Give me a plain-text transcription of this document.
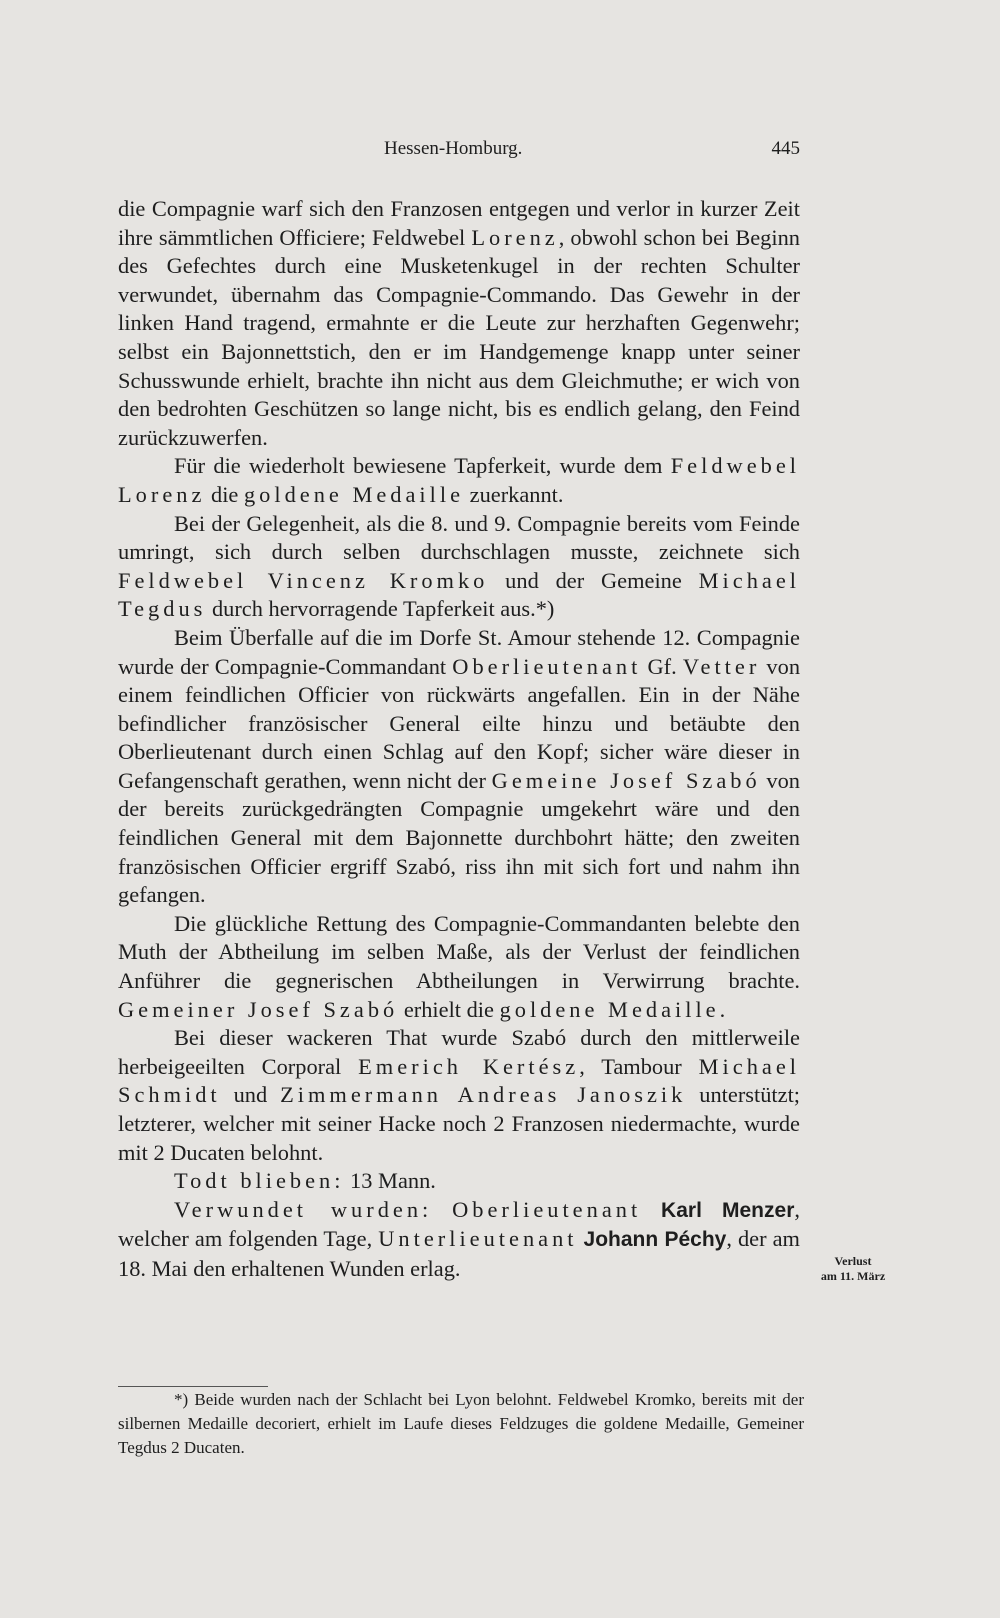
Hessen-Homburg.	445

die Compagnie warf sich den Franzosen entgegen und verlor in kurzer Zeit ihre sämmtlichen Officiere; Feldwebel Lorenz, obwohl schon bei Beginn des Gefechtes durch eine Musketenkugel in der rechten Schulter verwundet, übernahm das Compagnie-Commando. Das Gewehr in der linken Hand tragend, ermahnte er die Leute zur herzhaften Gegenwehr; selbst ein Bajonnettstich, den er im Handgemenge knapp unter seiner Schusswunde erhielt, brachte ihn nicht aus dem Gleichmuthe; er wich von den bedrohten Geschützen so lange nicht, bis es endlich gelang, den Feind zurückzuwerfen.

Für die wiederholt bewiesene Tapferkeit, wurde dem Feldwebel Lorenz die goldene Medaille zuerkannt.

Bei der Gelegenheit, als die 8. und 9. Compagnie bereits vom Feinde umringt, sich durch selben durchschlagen musste, zeichnete sich Feldwebel Vincenz Kromko und der Gemeine Michael Tegdus durch hervorragende Tapferkeit aus.*)

Beim Überfalle auf die im Dorfe St. Amour stehende 12. Compagnie wurde der Compagnie-Commandant Oberlieutenant Gf. Vetter von einem feindlichen Officier von rückwärts angefallen. Ein in der Nähe befindlicher französischer General eilte hinzu und betäubte den Oberlieutenant durch einen Schlag auf den Kopf; sicher wäre dieser in Gefangenschaft gerathen, wenn nicht der Gemeine Josef Szabó von der bereits zurückgedrängten Compagnie umgekehrt wäre und den feindlichen General mit dem Bajonnette durchbohrt hätte; den zweiten französischen Officier ergriff Szabó, riss ihn mit sich fort und nahm ihn gefangen.

Die glückliche Rettung des Compagnie-Commandanten belebte den Muth der Abtheilung im selben Maße, als der Verlust der feindlichen Anführer die gegnerischen Abtheilungen in Verwirrung brachte. Gemeiner Josef Szabó erhielt die goldene Medaille.

Bei dieser wackeren That wurde Szabó durch den mittlerweile herbeigeeilten Corporal Emerich Kertész, Tambour Michael Schmidt und Zimmermann Andreas Janoszik unterstützt; letzterer, welcher mit seiner Hacke noch 2 Franzosen niedermachte, wurde mit 2 Ducaten belohnt.

Todt blieben: 13 Mann.

Verwundet wurden: Oberlieutenant Karl Menzer, welcher am folgenden Tage, Unterlieutenant Johann Péchy, der am 18. Mai den erhaltenen Wunden erlag.

*) Beide wurden nach der Schlacht bei Lyon belohnt. Feldwebel Kromko, bereits mit der silbernen Medaille decoriert, erhielt im Laufe dieses Feldzuges die goldene Medaille, Gemeiner Tegdus 2 Ducaten.

Verlust
am 11. März
